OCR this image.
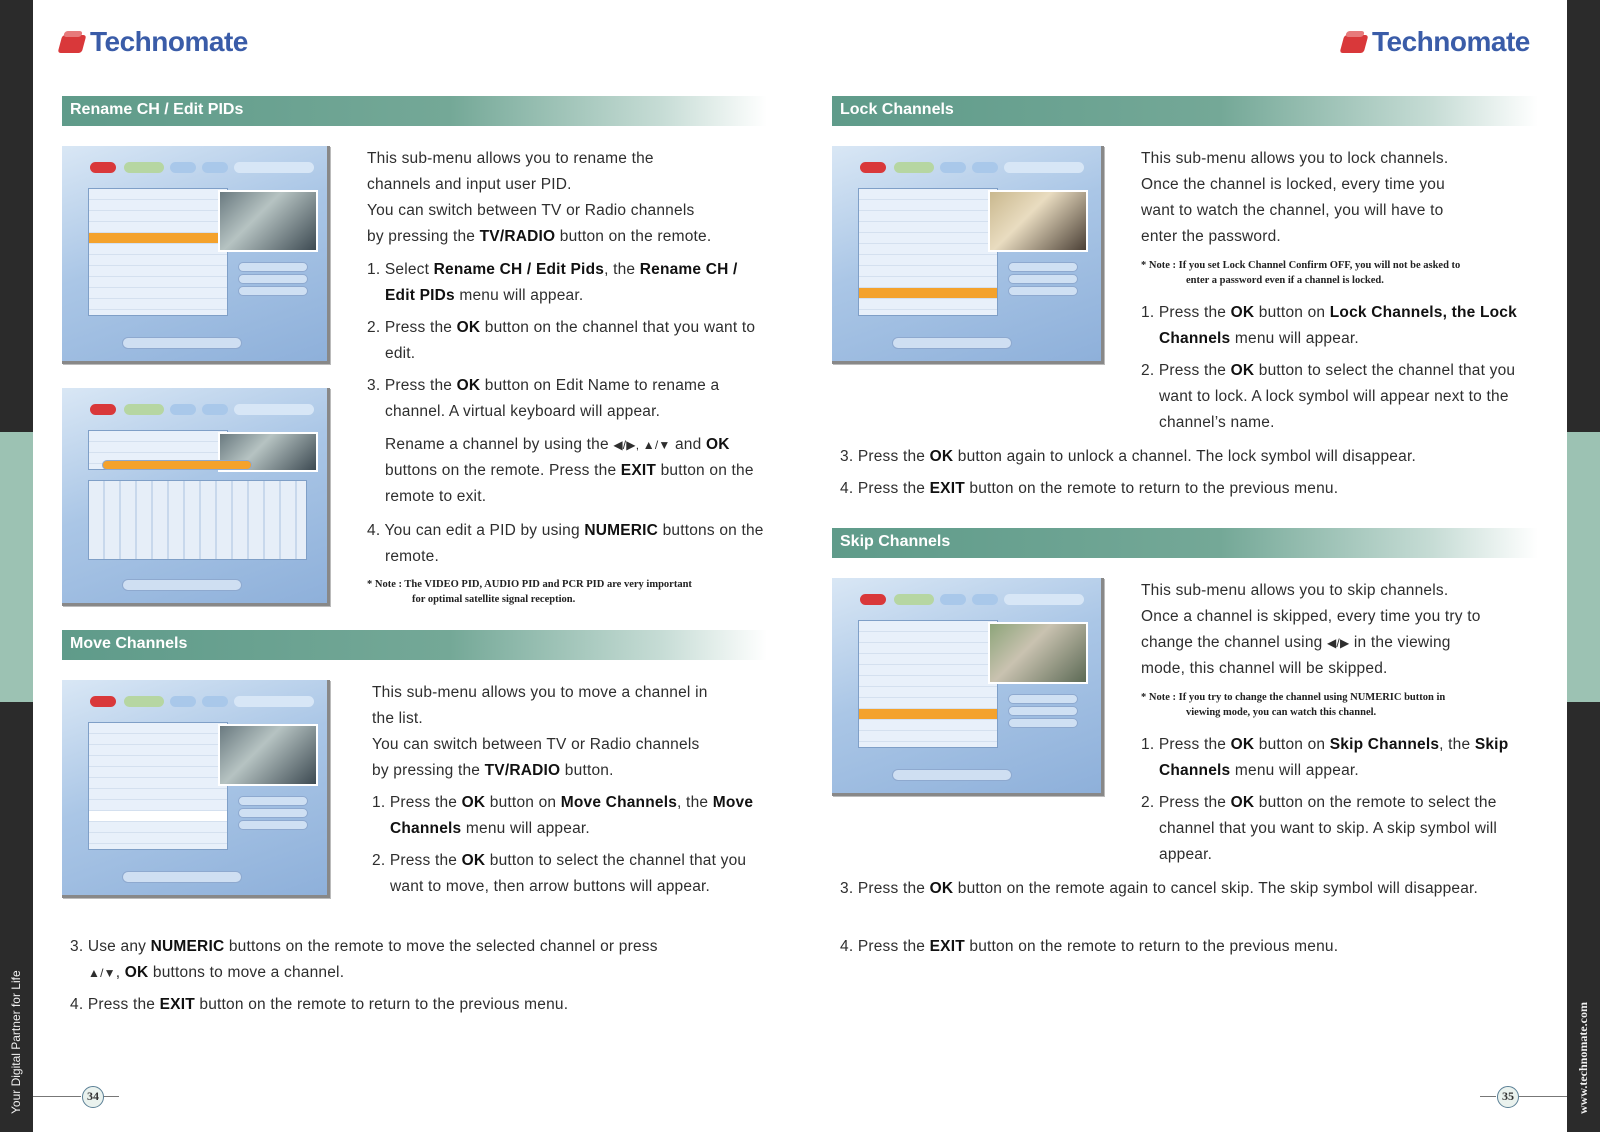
Your Digital Partner for Life	www.technomate.com
Technomate	Technomate
Rename CH / Edit PIDs
This sub-menu allows you to rename the
channels and input user PID.
You can switch between TV or Radio channels
by pressing the TV/RADIO button on the remote.
1. Select Rename CH / Edit Pids, the Rename CH / Edit PIDs menu will appear.
2. Press the OK button on the channel that you want to edit.
3. Press the OK button on Edit Name to rename a channel. A virtual keyboard will appear.
Rename a channel by using the ◀/▶, ▲/▼ and OK buttons on the remote. Press the EXIT button on the remote to exit.
4. You can edit a PID by using NUMERIC buttons on the remote.
* Note : The VIDEO PID, AUDIO PID and PCR PID are very important
for optimal satellite signal reception.
Move Channels
This sub-menu allows you to move a channel in
the list.
You can switch between TV or Radio channels
by pressing the TV/RADIO button.
1. Press the OK button on Move Channels, the Move Channels menu will appear.
2. Press the OK button to select the channel that you want to move, then arrow buttons will appear.
3. Use any NUMERIC buttons on the remote to move the selected channel or press
▲/▼, OK buttons to move a channel.
4. Press the EXIT button on the remote to return to the previous menu.
34
Lock Channels
This sub-menu allows you to lock channels.
Once the channel is locked, every time you
want to watch the channel, you will have to
enter the password.
* Note : If you set Lock Channel Confirm OFF, you will not be asked to
enter a password even if a channel is locked.
1. Press the OK button on Lock Channels, the Lock Channels menu will appear.
2. Press the OK button to select the channel that you want to lock. A lock symbol will appear next to the channel’s name.
3. Press the OK button again to unlock a channel. The lock symbol will disappear.
4. Press the EXIT button on the remote to return to the previous menu.
Skip Channels
This sub-menu allows you to skip channels.
Once a channel is skipped, every time you try to
change the channel using ◀/▶ in the viewing
mode, this channel will be skipped.
* Note : If you try to change the channel using NUMERIC button in
viewing mode, you can watch this channel.
1. Press the OK button on Skip Channels, the Skip Channels menu will appear.
2. Press the OK button on the remote to select the channel that you want to skip. A skip symbol will appear.
3. Press the OK button on the remote again to cancel skip. The skip symbol will disappear.
4. Press the EXIT button on the remote to return to the previous menu.
35
